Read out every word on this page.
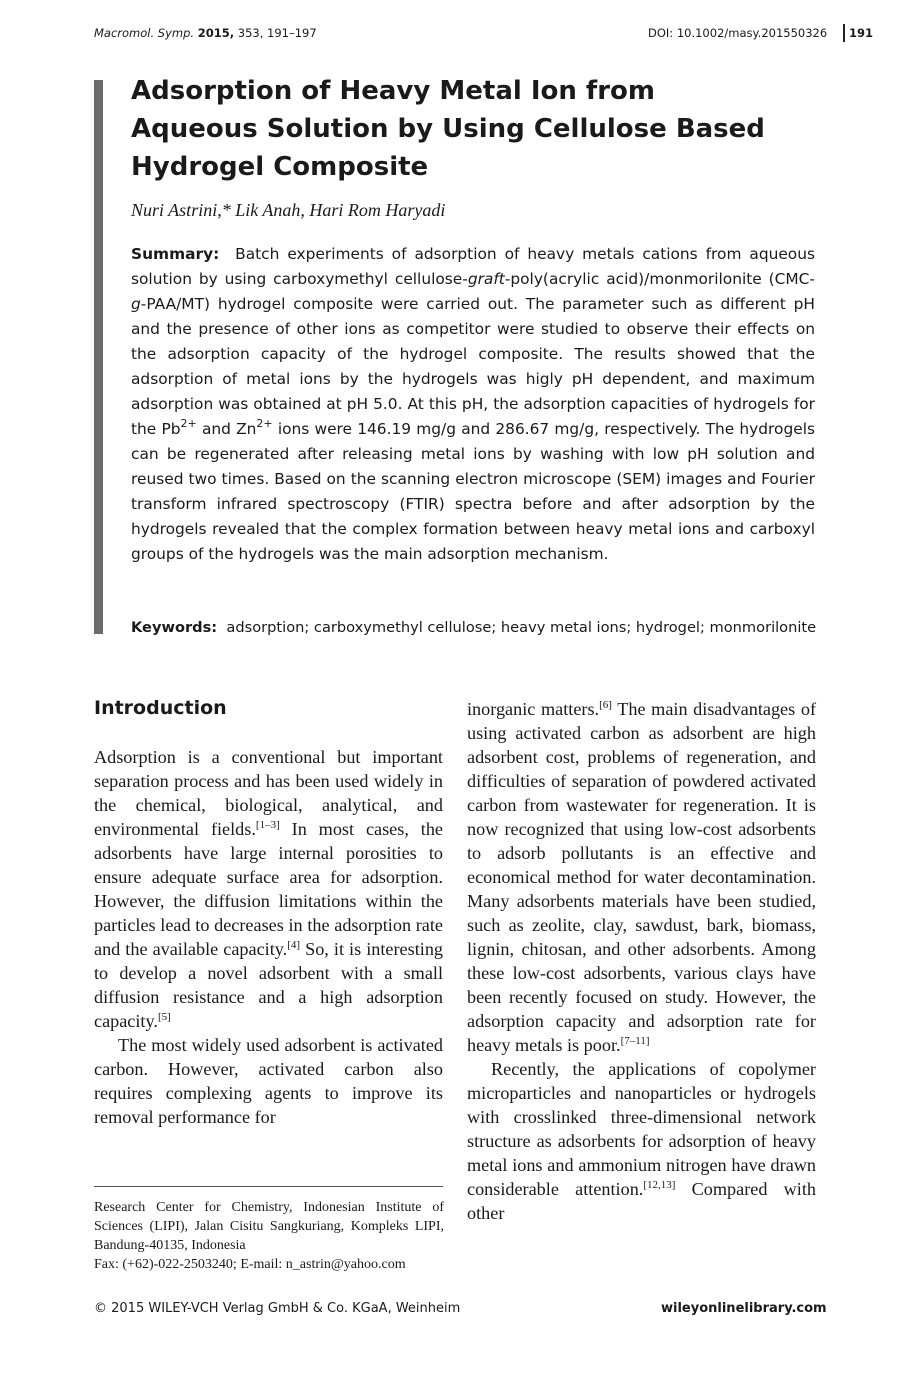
Macromol. Symp. 2015, 353, 191–197	DOI: 10.1002/masy.201550326 191
Adsorption of Heavy Metal Ion from Aqueous Solution by Using Cellulose Based Hydrogel Composite
Nuri Astrini,* Lik Anah, Hari Rom Haryadi

Summary: Batch experiments of adsorption of heavy metals cations from aqueous solution by using carboxymethyl cellulose-graft-poly(acrylic acid)/monmorilonite (CMC-g-PAA/MT) hydrogel composite were carried out. The parameter such as different pH and the presence of other ions as competitor were studied to observe their effects on the adsorption capacity of the hydrogel composite. The results showed that the adsorption of metal ions by the hydrogels was higly pH dependent, and maximum adsorption was obtained at pH 5.0. At this pH, the adsorption capacities of hydrogels for the $Pb^{2+}$ and $Zn^{2+}$ ions were 146.19 mg/g and 286.67 mg/g, respectively. The hydrogels can be regenerated after releasing metal ions by washing with low pH solution and reused two times. Based on the scanning electron microscope (SEM) images and Fourier transform infrared spectroscopy (FTIR) spectra before and after adsorption by the hydrogels revealed that the complex formation between heavy metal ions and carboxyl groups of the hydrogels was the main adsorption mechanism.

Keywords: adsorption; carboxymethyl cellulose; heavy metal ions; hydrogel; monmorilonite
Introduction

Adsorption is a conventional but important separation process and has been used widely in the chemical, biological, analytical, and environmental fields.[1–3] In most cases, the adsorbents have large internal porosities to ensure adequate surface area for adsorption. However, the diffusion limitations within the particles lead to decreases in the adsorption rate and the available capacity.[4] So, it is interesting to develop a novel adsorbent with a small diffusion resistance and a high adsorption capacity.[5]

The most widely used adsorbent is activated carbon. However, activated carbon also requires complexing agents to improve its removal performance for

inorganic matters.[6] The main disadvantages of using activated carbon as adsorbent are high adsorbent cost, problems of regeneration, and difficulties of separation of powdered activated carbon from wastewater for regeneration. It is now recognized that using low-cost adsorbents to adsorb pollutants is an effective and economical method for water decontamination. Many adsorbents materials have been studied, such as zeolite, clay, sawdust, bark, biomass, lignin, chitosan, and other adsorbents. Among these low-cost adsorbents, various clays have been recently focused on study. However, the adsorption capacity and adsorption rate for heavy metals is poor.[7–11]

Recently, the applications of copolymer microparticles and nanoparticles or hydrogels with crosslinked three-dimensional network structure as adsorbents for adsorption of heavy metal ions and ammonium nitrogen have drawn considerable attention.[12,13] Compared with other

Research Center for Chemistry, Indonesian Institute of Sciences (LIPI), Jalan Cisitu Sangkuriang, Kompleks LIPI, Bandung-40135, Indonesia
Fax: (+62)-022-2503240; E-mail: n_astrin@yahoo.com
© 2015 WILEY-VCH Verlag GmbH & Co. KGaA, Weinheim	wileyonlinelibrary.com
